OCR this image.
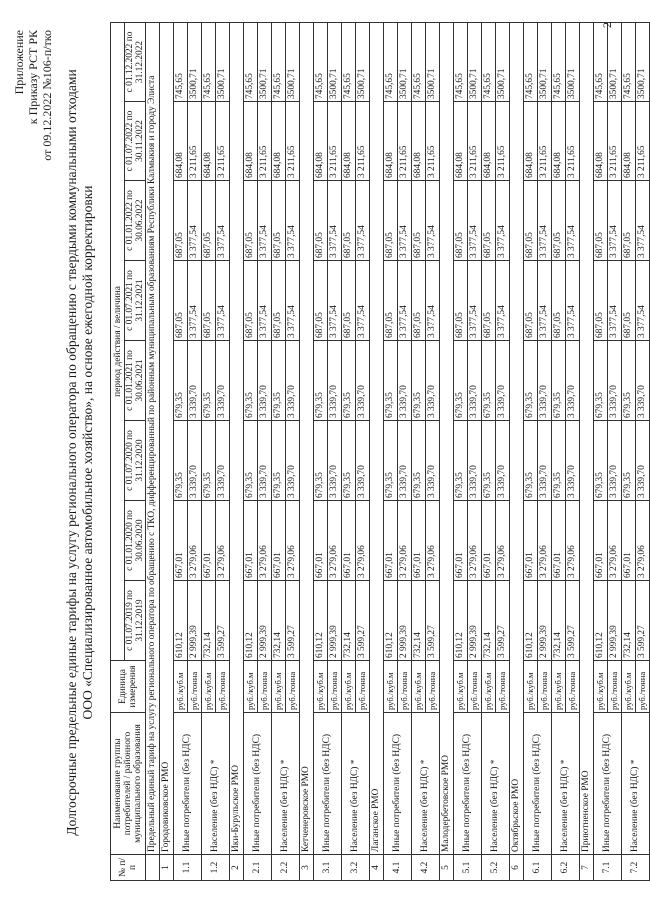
Приложение к Приказу РСТ РК от 09.12.2022 №106-п/тко Долгосрочные предельные единые тарифы на услугу регионального оператора по обращению с твердыми коммунальными отходами ООО «Специализированное автомобильное хозяйство», на основе ежегодной корректировки
№ п/п	Наименование группы потребителей / районного муниципального образования	Единица измерения	период действия / величина							
			с 01.07.2019 по 31.12.2019	с 01.01.2020 по 30.06.2020	с 01.07.2020 по 31.12.2020	с 01.01.2021 по 30.06.2021	с 01.07.2021 по 31.12.2021	с 01.01.2022 по 30.06.2022	с 01.07.2022 по 30.11.2022	с 01.12.2022 по 31.12.2022
	Предельный единый тариф на услугу регионального оператора по обращению с ТКО, дифференцированный по районным муниципальным образованиям Республики Калмыкия и городу Элиста									
1	Городовиковское РМО									
1.1	Иные потребители (без НДС)	руб./куб.м	610,12	667,01	679,35	679,35	687,05	687,05	684,08	745,65
		руб./тонна	2 999,39	3 279,06	3 339,70	3 339,70	3 377,54	3 377,54	3 211,65	3500,71
1.2	Население (без НДС) *	руб./куб.м	732,14	667,01	679,35	679,35	687,05	687,05	684,08	745,65
		руб./тонна	3 599,27	3 279,06	3 339,70	3 339,70	3 377,54	3 377,54	3 211,65	3500,71
2	Ики-Бурульское РМО									
2.1	Иные потребители (без НДС)	руб./куб.м	610,12	667,01	679,35	679,35	687,05	687,05	684,08	745,65
		руб./тонна	2 999,39	3 279,06	3 339,70	3 339,70	3 377,54	3 377,54	3 211,65	3500,71
2.2	Население (без НДС) *	руб./куб.м	732,14	667,01	679,35	679,35	687,05	687,05	684,08	745,65
		руб./тонна	3 599,27	3 279,06	3 339,70	3 339,70	3 377,54	3 377,54	3 211,65	3500,71
3	Кетченеровское РМО									
3.1	Иные потребители (без НДС)	руб./куб.м	610,12	667,01	679,35	679,35	687,05	687,05	684,08	745,65
		руб./тонна	2 999,39	3 279,06	3 339,70	3 339,70	3 377,54	3 377,54	3 211,65	3500,71
3.2	Население (без НДС) *	руб./куб.м	732,14	667,01	679,35	679,35	687,05	687,05	684,08	745,65
		руб./тонна	3 599,27	3 279,06	3 339,70	3 339,70	3 377,54	3 377,54	3 211,65	3500,71
4	Лаганское РМО									
4.1	Иные потребители (без НДС)	руб./куб.м	610,12	667,01	679,35	679,35	687,05	687,05	684,08	745,65
		руб./тонна	2 999,39	3 279,06	3 339,70	3 339,70	3 377,54	3 377,54	3 211,65	3500,71
4.2	Население (без НДС) *	руб./куб.м	732,14	667,01	679,35	679,35	687,05	687,05	684,08	745,65
		руб./тонна	3 599,27	3 279,06	3 339,70	3 339,70	3 377,54	3 377,54	3 211,65	3500,71
5	Малодербетовское РМО									
5.1	Иные потребители (без НДС)	руб./куб.м	610,12	667,01	679,35	679,35	687,05	687,05	684,08	745,65
		руб./тонна	2 999,39	3 279,06	3 339,70	3 339,70	3 377,54	3 377,54	3 211,65	3500,71
5.2	Население (без НДС) *	руб./куб.м	732,14	667,01	679,35	679,35	687,05	687,05	684,08	745,65
		руб./тонна	3 599,27	3 279,06	3 339,70	3 339,70	3 377,54	3 377,54	3 211,65	3500,71
6	Октябрьское РМО									
6.1	Иные потребители (без НДС)	руб./куб.м	610,12	667,01	679,35	679,35	687,05	687,05	684,08	745,65
		руб./тонна	2 999,39	3 279,06	3 339,70	3 339,70	3 377,54	3 377,54	3 211,65	3500,71
6.2	Население (без НДС) *	руб./куб.м	732,14	667,01	679,35	679,35	687,05	687,05	684,08	745,65
		руб./тонна	3 599,27	3 279,06	3 339,70	3 339,70	3 377,54	3 377,54	3 211,65	3500,71
7	Приютненское РМО									
7.1	Иные потребители (без НДС)	руб./куб.м	610,12	667,01	679,35	679,35	687,05	687,05	684,08	745,65
		руб./тонна	2 999,39	3 279,06	3 339,70	3 339,70	3 377,54	3 377,54	3 211,65	3500,71
7.2	Население (без НДС) *	руб./куб.м	732,14	667,01	679,35	679,35	687,05	687,05	684,08	745,65
		руб./тонна	3 599,27	3 279,06	3 339,70	3 339,70	3 377,54	3 377,54	3 211,65	3500,71
2
